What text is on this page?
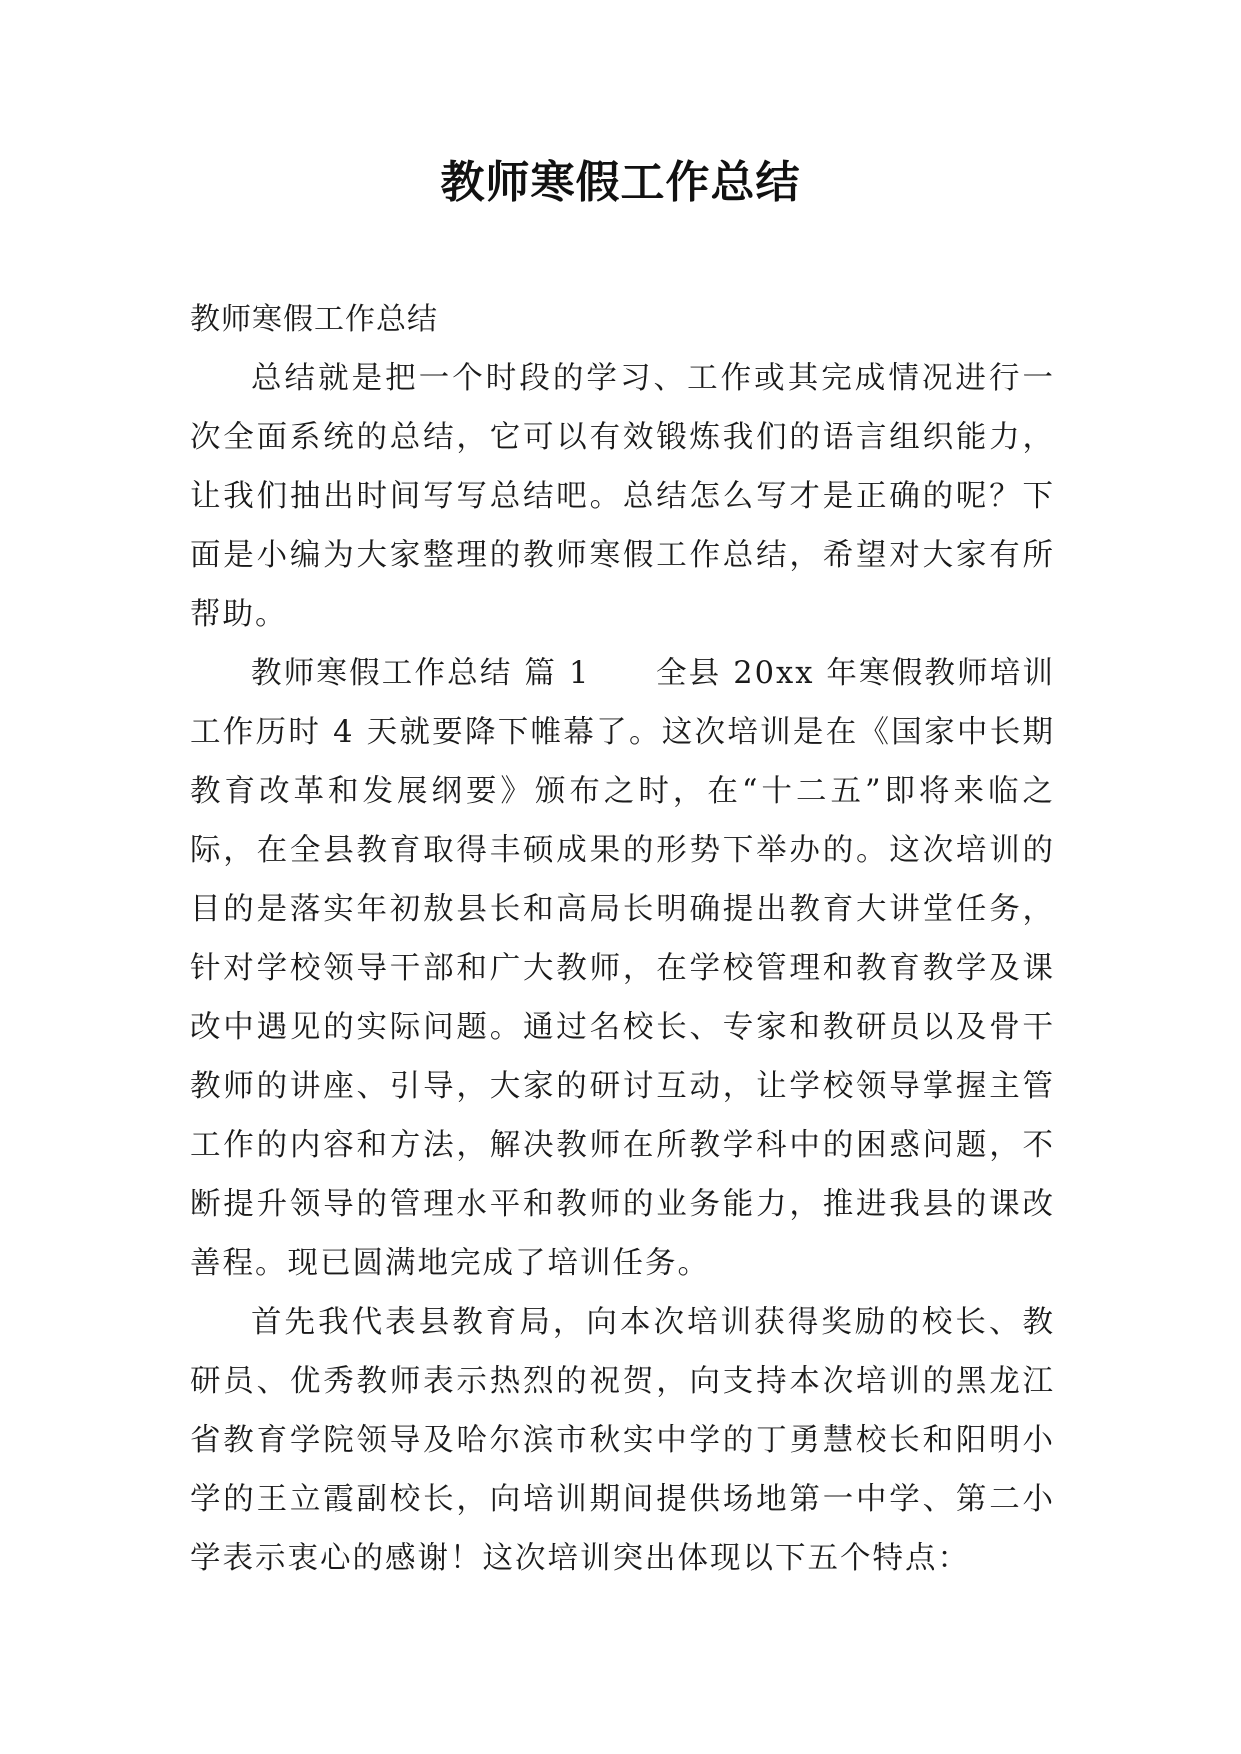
教师寒假工作总结

教师寒假工作总结

总结就是把一个时段的学习、工作或其完成情况进行一次全面系统的总结，它可以有效锻炼我们的语言组织能力，让我们抽出时间写写总结吧。总结怎么写才是正确的呢？下面是小编为大家整理的教师寒假工作总结，希望对大家有所帮助。

教师寒假工作总结 篇 1　　全县 20xx 年寒假教师培训工作历时 4 天就要降下帷幕了。这次培训是在《国家中长期教育改革和发展纲要》颁布之时，在“十二五”即将来临之际，在全县教育取得丰硕成果的形势下举办的。这次培训的目的是落实年初敖县长和高局长明确提出教育大讲堂任务，针对学校领导干部和广大教师，在学校管理和教育教学及课改中遇见的实际问题。通过名校长、专家和教研员以及骨干教师的讲座、引导，大家的研讨互动，让学校领导掌握主管工作的内容和方法，解决教师在所教学科中的困惑问题，不断提升领导的管理水平和教师的业务能力，推进我县的课改善程。现已圆满地完成了培训任务。

首先我代表县教育局，向本次培训获得奖励的校长、教研员、优秀教师表示热烈的祝贺，向支持本次培训的黑龙江省教育学院领导及哈尔滨市秋实中学的丁勇慧校长和阳明小学的王立霞副校长，向培训期间提供场地第一中学、第二小学表示衷心的感谢！这次培训突出体现以下五个特点：
